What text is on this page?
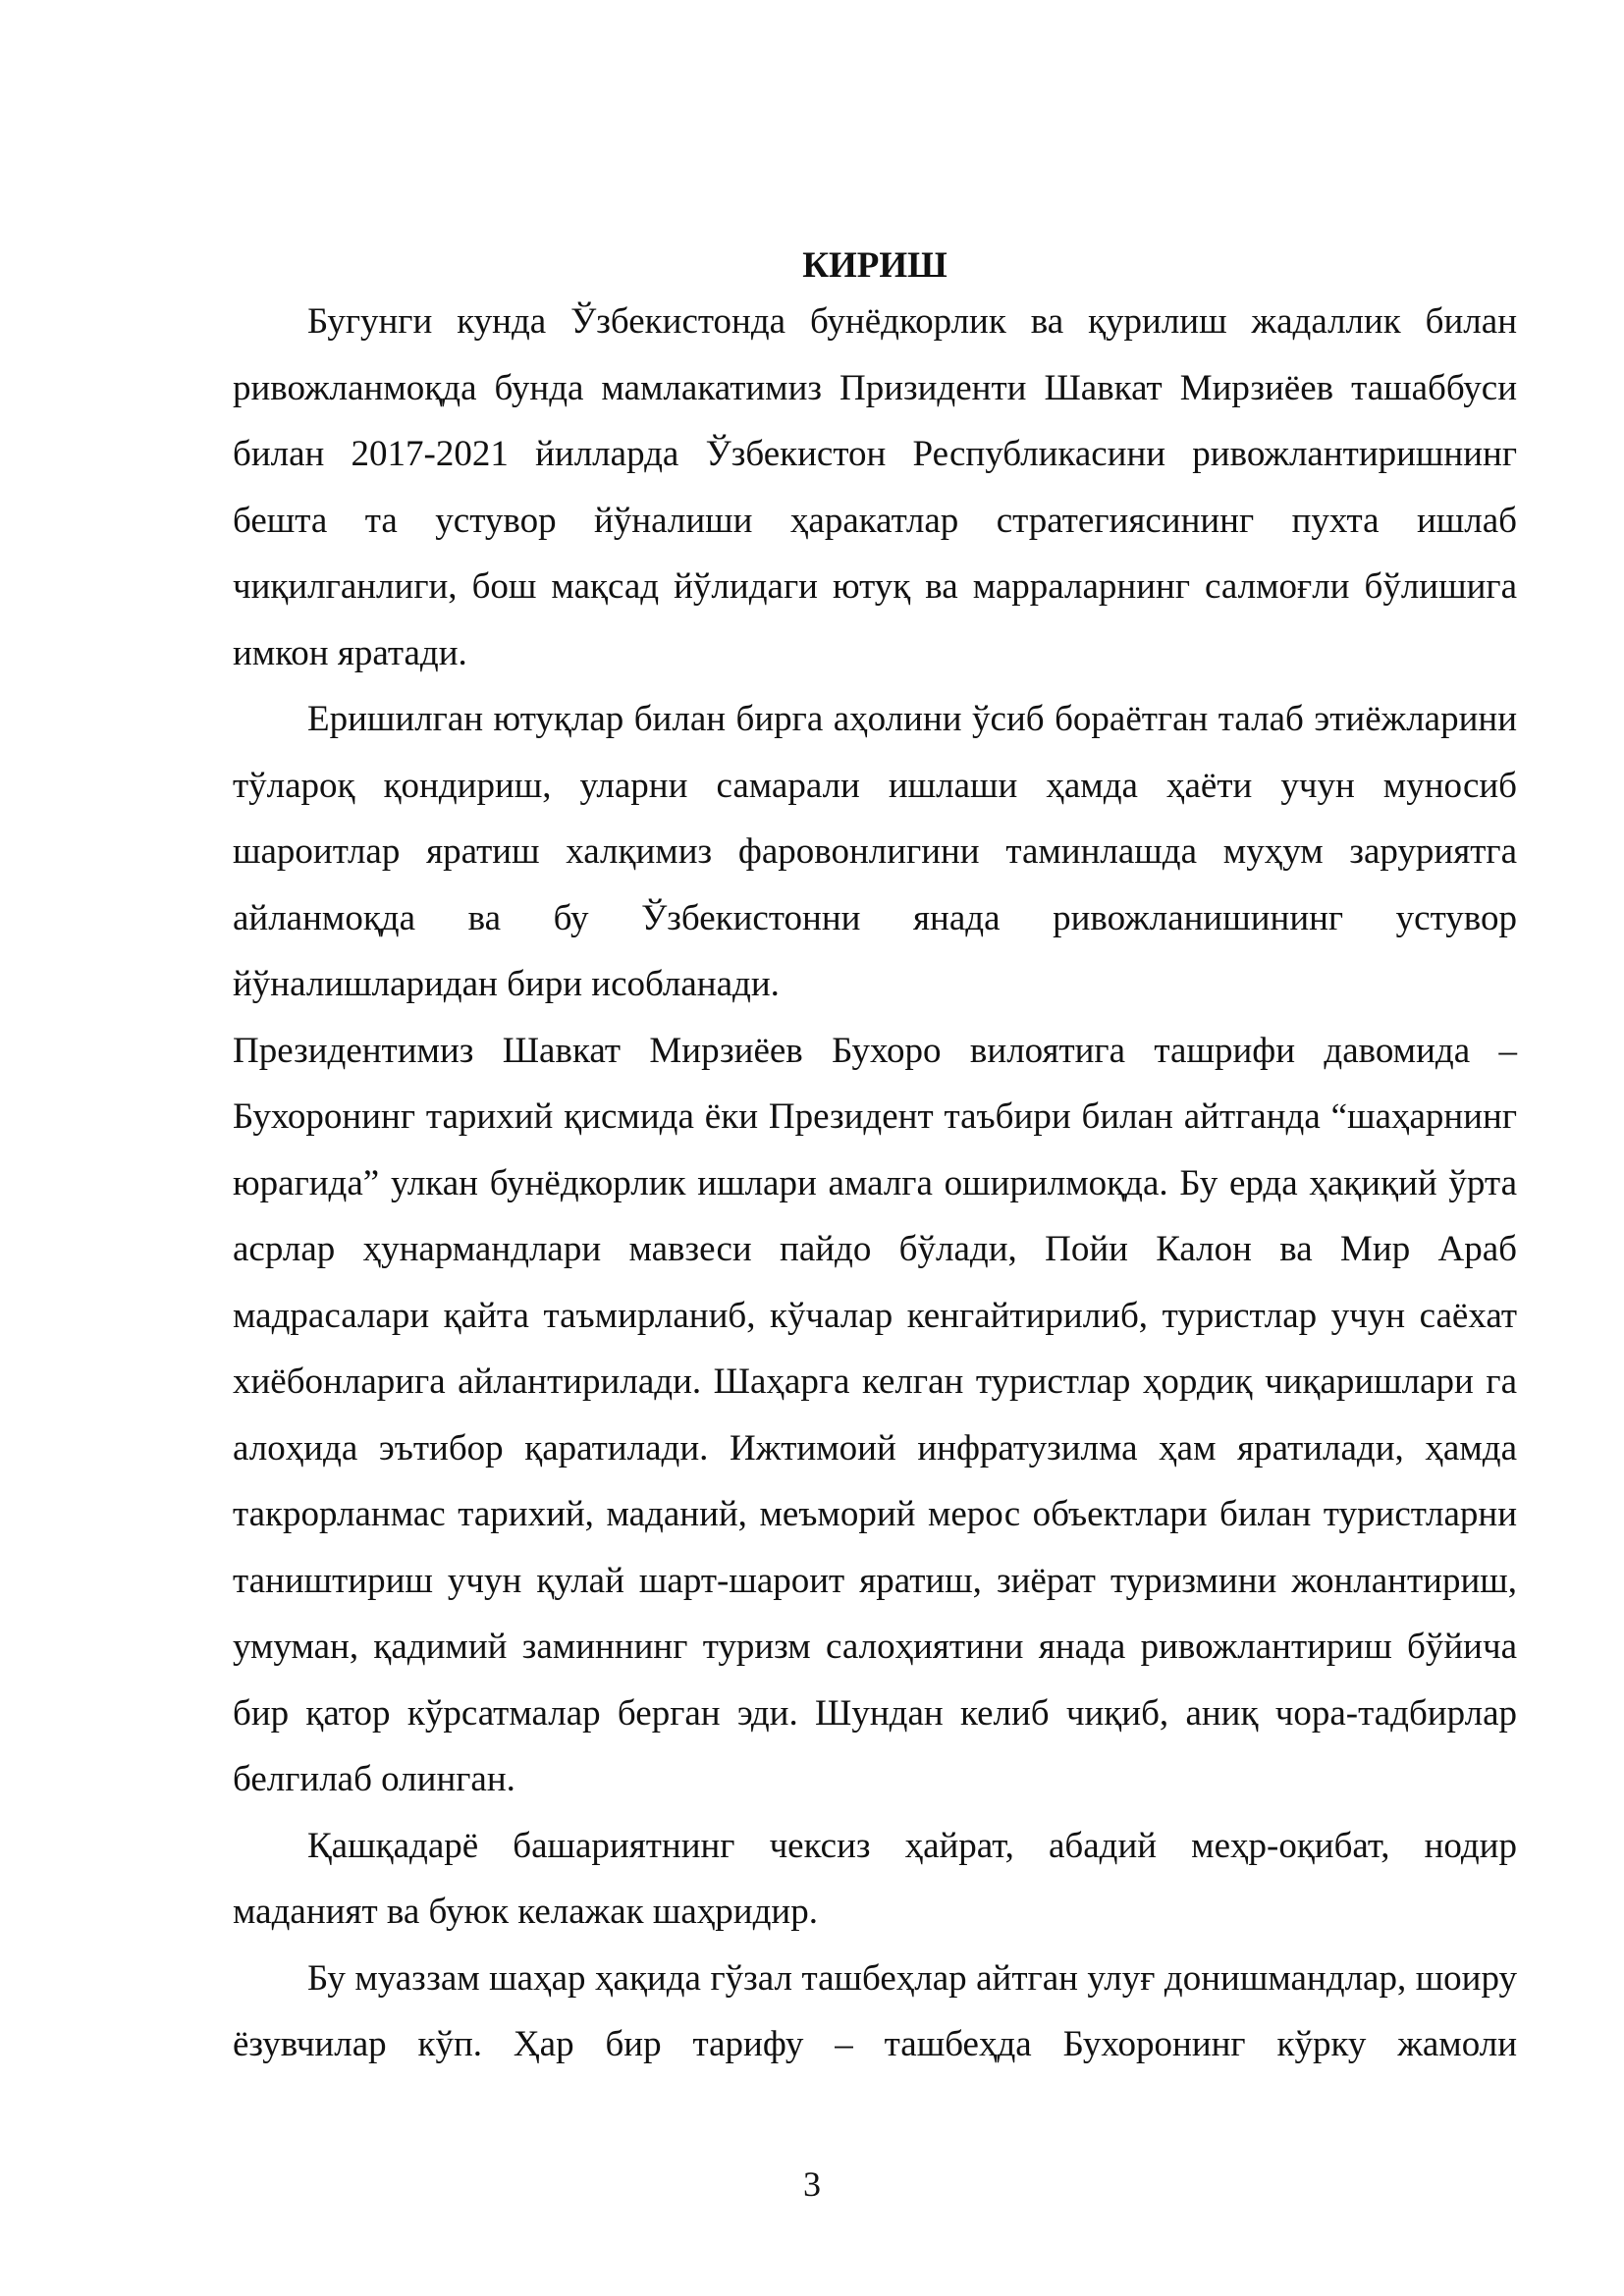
КИРИШ

Бугунги кунда Ўзбекистонда бунёдкорлик ва қурилиш жадаллик билан ривожланмоқда бунда мамлакатимиз Призиденти Шавкат Мирзиёев ташаббуси билан 2017-2021 йилларда Ўзбекистон Республикасини ривожлантиришнинг бешта та устувор йўналиши ҳаракатлар стратегиясининг пухта ишлаб чиқилганлиги, бош мақсад йўлидаги ютуқ ва марраларнинг салмоғли бўлишига имкон яратади.

Еришилган ютуқлар билан бирга аҳолини ўсиб бораётган талаб этиёжларини тўлароқ қондириш, уларни самарали ишлаши ҳамда ҳаёти учун муносиб шароитлар яратиш халқимиз фаровонлигини таминлашда муҳум заруриятга айланмоқда ва бу Ўзбекистонни янада ривожланишининг устувор йўналишларидан бири исобланади.

Президентимиз Шавкат Мирзиёев Бухоро вилоятига ташрифи давомида – Бухоронинг тарихий қисмида ёки Президент таъбири билан айтганда “шаҳарнинг юрагида” улкан бунёдкорлик ишлари амалга оширилмоқда. Бу ерда ҳақиқий ўрта асрлар ҳунармандлари мавзеси пайдо бўлади, Пойи Калон ва Мир Араб мадрасалари қайта таъмирланиб, кўчалар кенгайтирилиб, туристлар учун саёхат хиёбонларига айлантирилади. Шаҳарга келган туристлар ҳордиқ чиқаришлари га алоҳида эътибор қаратилади. Ижтимоий инфратузилма ҳам яратилади, ҳамда такрорланмас тарихий, маданий, меъморий мерос объектлари билан туристларни таништириш учун қулай шарт-шароит яратиш, зиёрат туризмини жонлантириш, умуман, қадимий заминнинг туризм салоҳиятини янада ривожлантириш бўйича бир қатор кўрсатмалар берган эди. Шундан келиб чиқиб, аниқ чора-тадбирлар белгилаб олинган.

Қашқадарё башариятнинг чексиз ҳайрат, абадий меҳр-оқибат, нодир маданият ва буюк келажак шаҳридир.

Бу муаззам шаҳар ҳақида гўзал ташбеҳлар айтган улуғ донишмандлар, шоиру ёзувчилар кўп. Ҳар бир тарифу – ташбеҳда Бухоронинг кўрку жамоли

3
